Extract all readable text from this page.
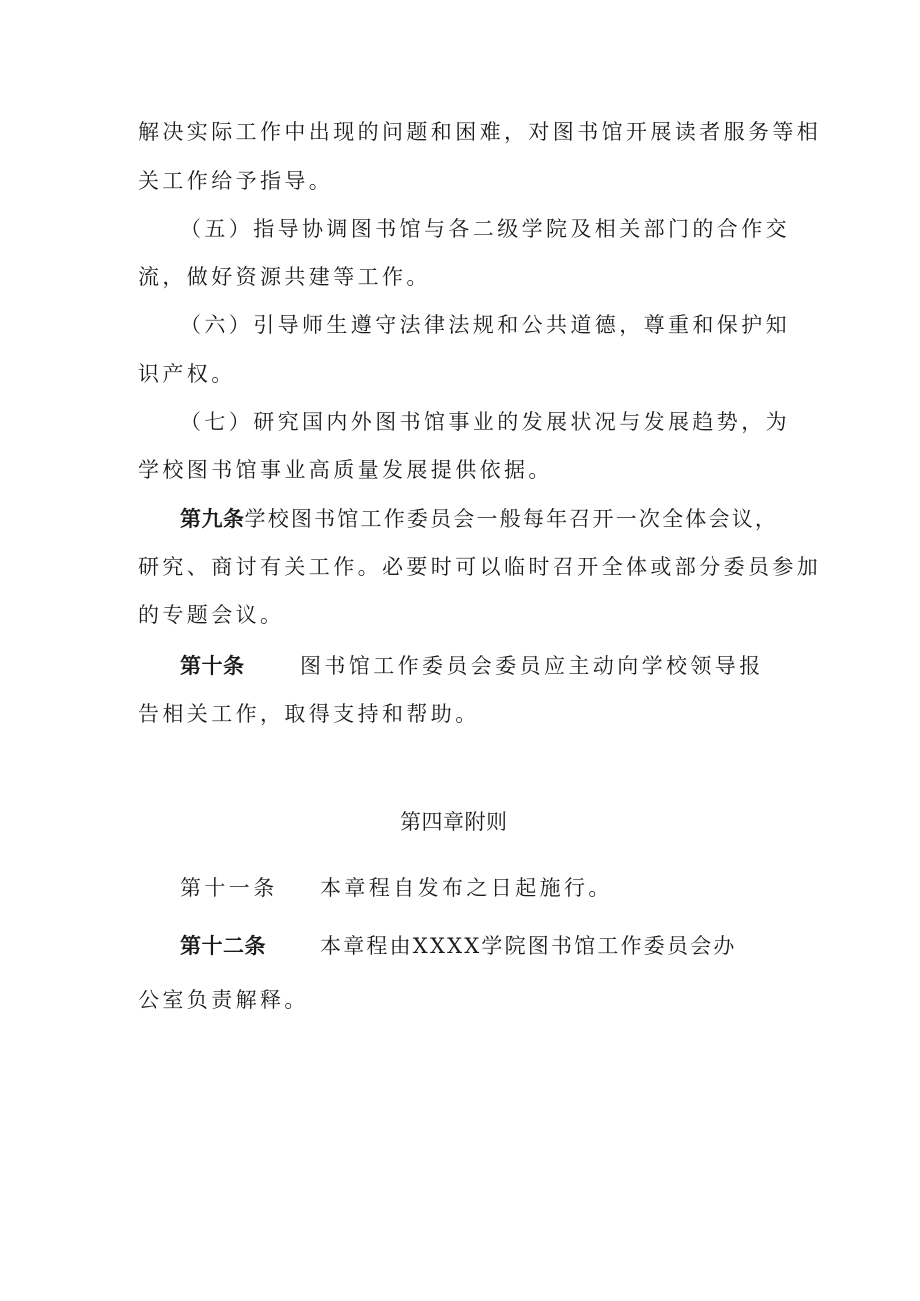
解决实际工作中出现的问题和困难，对图书馆开展读者服务等相
关工作给予指导。
（五）指导协调图书馆与各二级学院及相关部门的合作交
流，做好资源共建等工作。
（六）引导师生遵守法律法规和公共道德，尊重和保护知
识产权。
（七）研究国内外图书馆事业的发展状况与发展趋势，为
学校图书馆事业高质量发展提供依据。
第九条学校图书馆工作委员会一般每年召开一次全体会议，
研究、商讨有关工作。必要时可以临时召开全体或部分委员参加
的专题会议。
第十条	图书馆工作委员会委员应主动向学校领导报
告相关工作，取得支持和帮助。
第四章附则
第十一条 本章程自发布之日起施行。
第十二条	本章程由XXXX学院图书馆工作委员会办
公室负责解释。
